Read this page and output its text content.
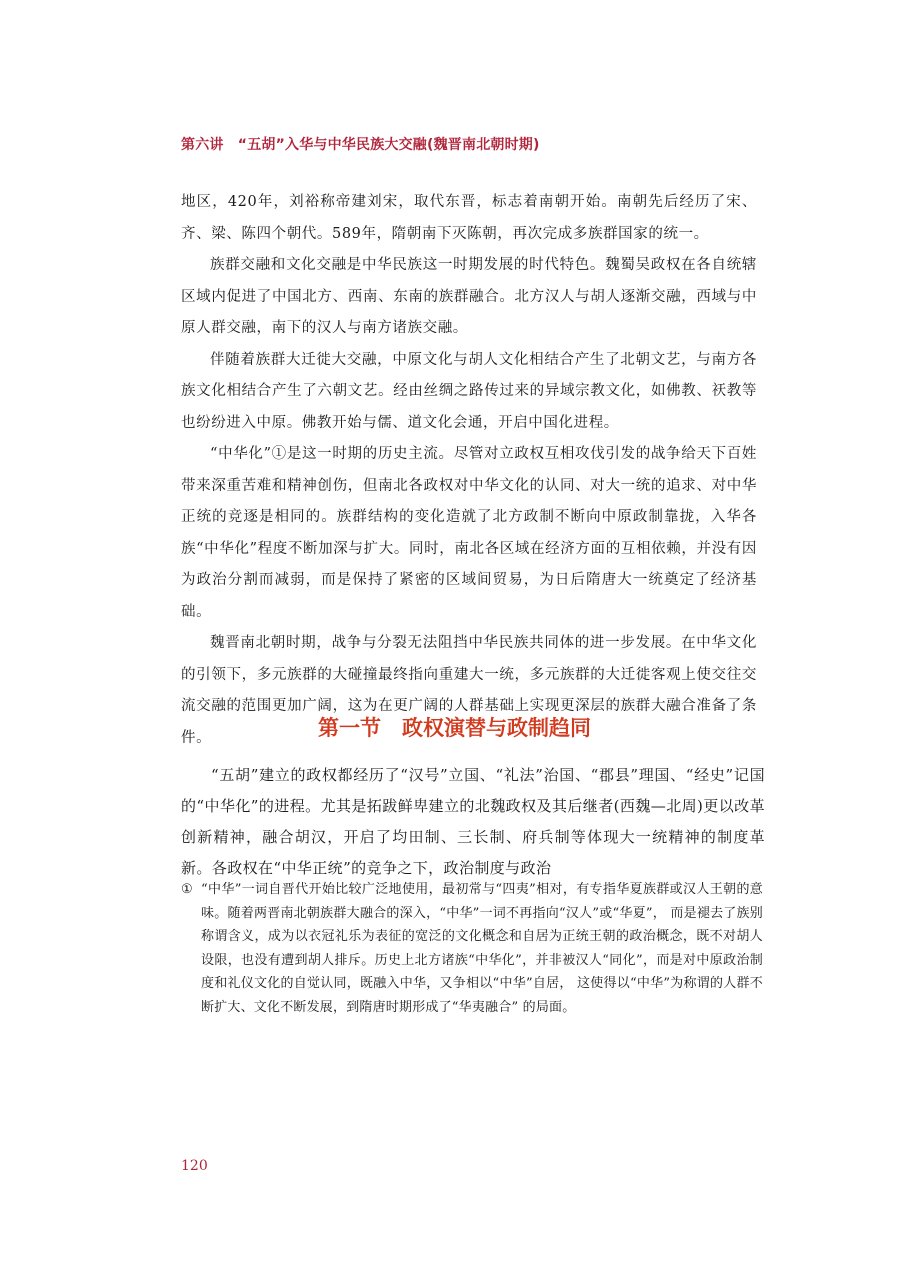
第六讲　“五胡”入华与中华民族大交融(魏晋南北朝时期)

地区，420年，刘裕称帝建刘宋，取代东晋，标志着南朝开始。南朝先后经历了宋、 齐、梁、陈四个朝代。589年，隋朝南下灭陈朝，再次完成多族群国家的统一。

族群交融和文化交融是中华民族这一时期发展的时代特色。魏蜀吴政权在各自统辖区域内促进了中国北方、西南、东南的族群融合。北方汉人与胡人逐渐交融，西域与中原人群交融，南下的汉人与南方诸族交融。

伴随着族群大迁徙大交融，中原文化与胡人文化相结合产生了北朝文艺，与南方各族文化相结合产生了六朝文艺。经由丝绸之路传过来的异域宗教文化，如佛教、祆教等也纷纷进入中原。佛教开始与儒、道文化会通，开启中国化进程。

“中华化”①是这一时期的历史主流。尽管对立政权互相攻伐引发的战争给天下百姓带来深重苦难和精神创伤，但南北各政权对中华文化的认同、对大一统的追求、对中华正统的竞逐是相同的。族群结构的变化造就了北方政制不断向中原政制靠拢，入华各族“中华化”程度不断加深与扩大。同时，南北各区域在经济方面的互相依赖，并没有因为政治分割而减弱，而是保持了紧密的区域间贸易，为日后隋唐大一统奠定了经济基础。

魏晋南北朝时期，战争与分裂无法阻挡中华民族共同体的进一步发展。在中华文化的引领下，多元族群的大碰撞最终指向重建大一统，多元族群的大迁徙客观上使交往交流交融的范围更加广阔，这为在更广阔的人群基础上实现更深层的族群大融合准备了条件。	第一节　政权演替与政制趋同

“五胡”建立的政权都经历了“汉号”立国、“礼法”治国、“郡县”理国、“经史”记国的“中华化”的进程。尤其是拓跋鲜卑建立的北魏政权及其后继者(西魏—北周)更以改革创新精神，融合胡汉，开启了均田制、三长制、府兵制等体现大一统精神的制度革新。各政权在“中华正统”的竞争之下，政治制度与政治

① “中华”一词自晋代开始比较广泛地使用，最初常与“四夷”相对，有专指华夏族群或汉人王朝的意味。随着两晋南北朝族群大融合的深入，“中华”一词不再指向“汉人”或“华夏”， 而是褪去了族别称谓含义，成为以衣冠礼乐为表征的宽泛的文化概念和自居为正统王朝的政治概念，既不对胡人设限，也没有遭到胡人排斥。历史上北方诸族“中华化”，并非被汉人“同化”，而是对中原政治制度和礼仪文化的自觉认同，既融入中华，又争相以“中华”自居， 这使得以“中华”为称谓的人群不断扩大、文化不断发展，到隋唐时期形成了“华夷融合” 的局面。
120
